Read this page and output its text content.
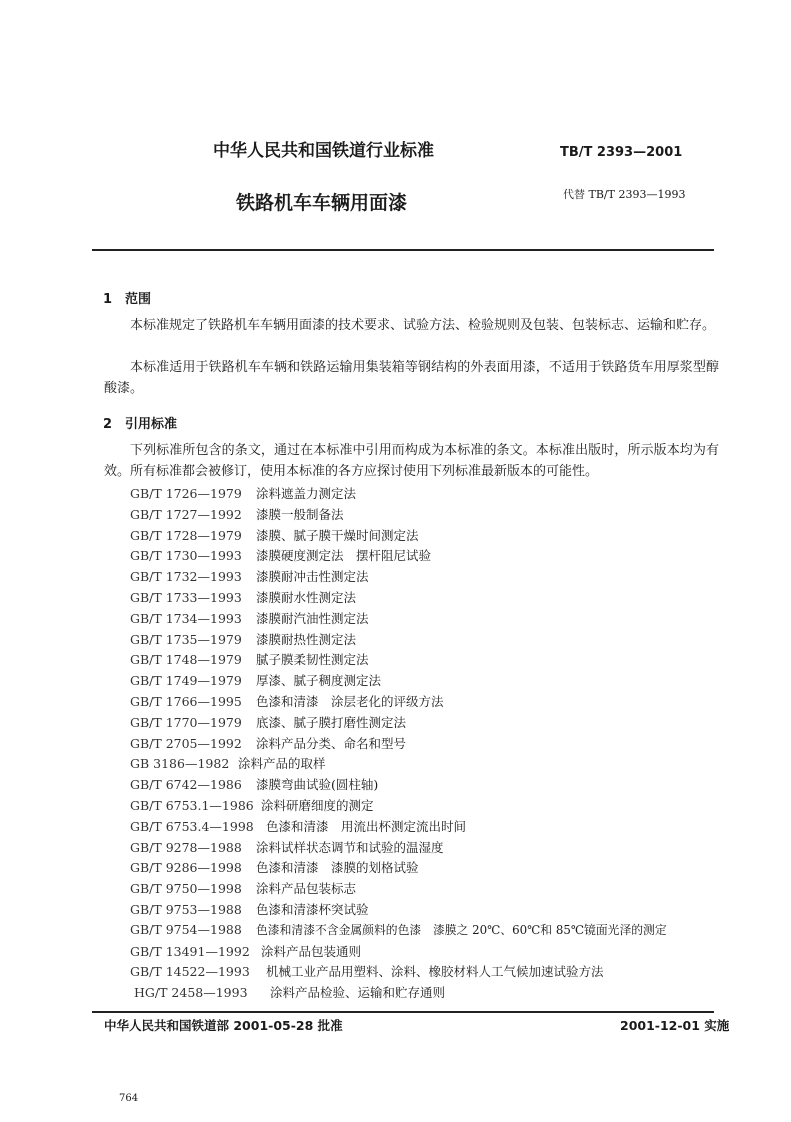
中华人民共和国铁道行业标准	TB/T 2393—2001
铁路机车车辆用面漆	代替 TB/T 2393—1993
1　范围
本标准规定了铁路机车车辆用面漆的技术要求、试验方法、检验规则及包装、包装标志、运输和贮存。
本标准适用于铁路机车车辆和铁路运输用集装箱等钢结构的外表面用漆，不适用于铁路货车用厚浆型醇酸漆。
2　引用标准
下列标准所包含的条文，通过在本标准中引用而构成为本标准的条文。本标准出版时，所示版本均为有效。所有标准都会被修订，使用本标准的各方应探讨使用下列标准最新版本的可能性。
GB/T 1726—1979	涂料遮盖力测定法
GB/T 1727—1992	漆膜一般制备法
GB/T 1728—1979	漆膜、腻子膜干燥时间测定法
GB/T 1730—1993	漆膜硬度测定法　摆杆阻尼试验
GB/T 1732—1993	漆膜耐冲击性测定法
GB/T 1733—1993	漆膜耐水性测定法
GB/T 1734—1993	漆膜耐汽油性测定法
GB/T 1735—1979	漆膜耐热性测定法
GB/T 1748—1979	腻子膜柔韧性测定法
GB/T 1749—1979	厚漆、腻子稠度测定法
GB/T 1766—1995	色漆和清漆　涂层老化的评级方法
GB/T 1770—1979	底漆、腻子膜打磨性测定法
GB/T 2705—1992	涂料产品分类、命名和型号
GB 3186—1982 涂料产品的取样
GB/T 6742—1986	漆膜弯曲试验(圆柱轴)
GB/T 6753.1—1986 涂料研磨细度的测定
GB/T 6753.4—1998 色漆和清漆　用流出杯测定流出时间
GB/T 9278—1988	涂料试样状态调节和试验的温湿度
GB/T 9286—1998	色漆和清漆　漆膜的划格试验
GB/T 9750—1998	涂料产品包装标志
GB/T 9753—1988	色漆和清漆杯突试验
GB/T 9754—1988	色漆和清漆不含金属颜料的色漆　漆膜之 20℃、60℃和 85℃镜面光泽的测定
GB/T 13491—1992 涂料产品包装通则
GB/T 14522—1993	机械工业产品用塑料、涂料、橡胶材料人工气候加速试验方法
HG/T 2458—1993	涂料产品检验、运输和贮存通则
中华人民共和国铁道部 2001-05-28 批准	2001-12-01 实施
764
